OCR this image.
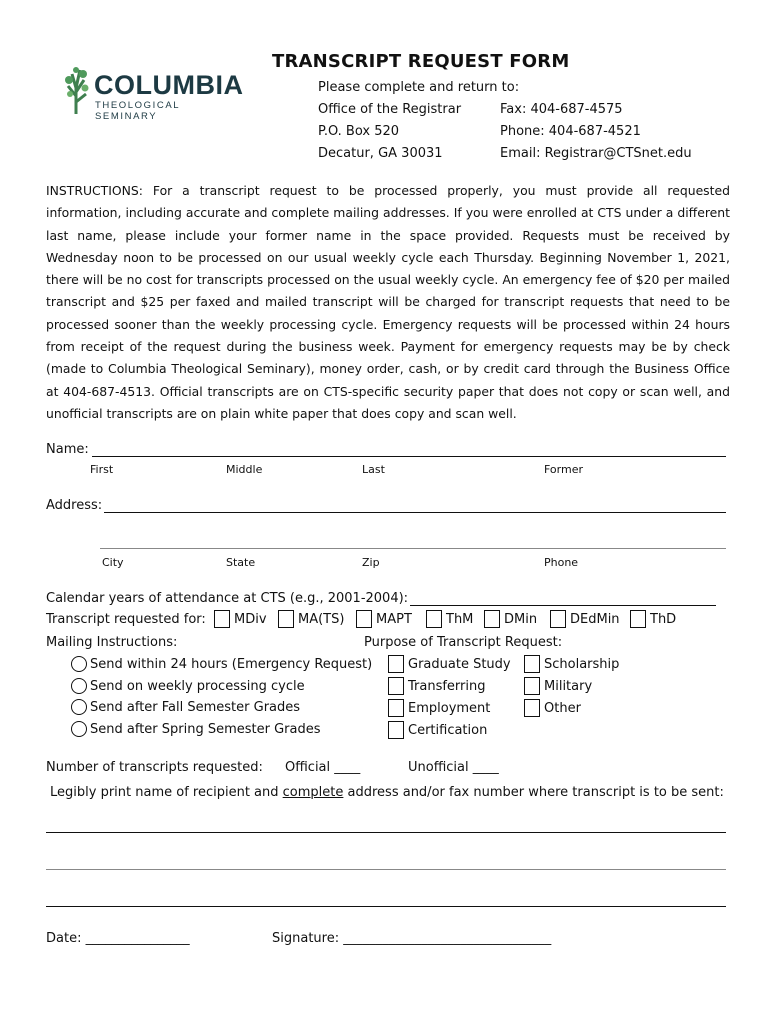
COLUMBIA
THEOLOGICAL SEMINARY
TRANSCRIPT REQUEST FORM
Please complete and return to:
Office of the Registrar
P.O. Box 520
Decatur, GA 30031
Fax: 404-687-4575
Phone: 404-687-4521
Email: Registrar@CTSnet.edu
INSTRUCTIONS: For a transcript request to be processed properly, you must provide all requested information, including accurate and complete mailing addresses. If you were enrolled at CTS under a different last name, please include your former name in the space provided. Requests must be received by Wednesday noon to be processed on our usual weekly cycle each Thursday. Beginning November 1, 2021, there will be no cost for transcripts processed on the usual weekly cycle. An emergency fee of $20 per mailed transcript and $25 per faxed and mailed transcript will be charged for transcript requests that need to be processed sooner than the weekly processing cycle. Emergency requests will be processed within 24 hours from receipt of the request during the business week. Payment for emergency requests may be by check (made to Columbia Theological Seminary), money order, cash, or by credit card through the Business Office at 404-687-4513. Official transcripts are on CTS-specific security paper that does not copy or scan well, and unofficial transcripts are on plain white paper that does copy and scan well.
Name:
First	Middle	Last	Former
Address:
City	State	Zip	Phone
Calendar years of attendance at CTS (e.g., 2001-2004):
Transcript requested for: MDiv MA(TS) MAPT	ThM DMin	DEdMin ThD
Mailing Instructions:
Send within 24 hours (Emergency Request)
Send on weekly processing cycle
Send after Fall Semester Grades
Send after Spring Semester Grades
Purpose of Transcript Request:
Graduate Study
Transferring
Employment
Certification
Scholarship
Military
Other
Number of transcripts requested: Official ____	Unofficial ____
Legibly print name of recipient and complete address and/or fax number where transcript is to be sent:
Date: ________________	Signature: ________________________________
